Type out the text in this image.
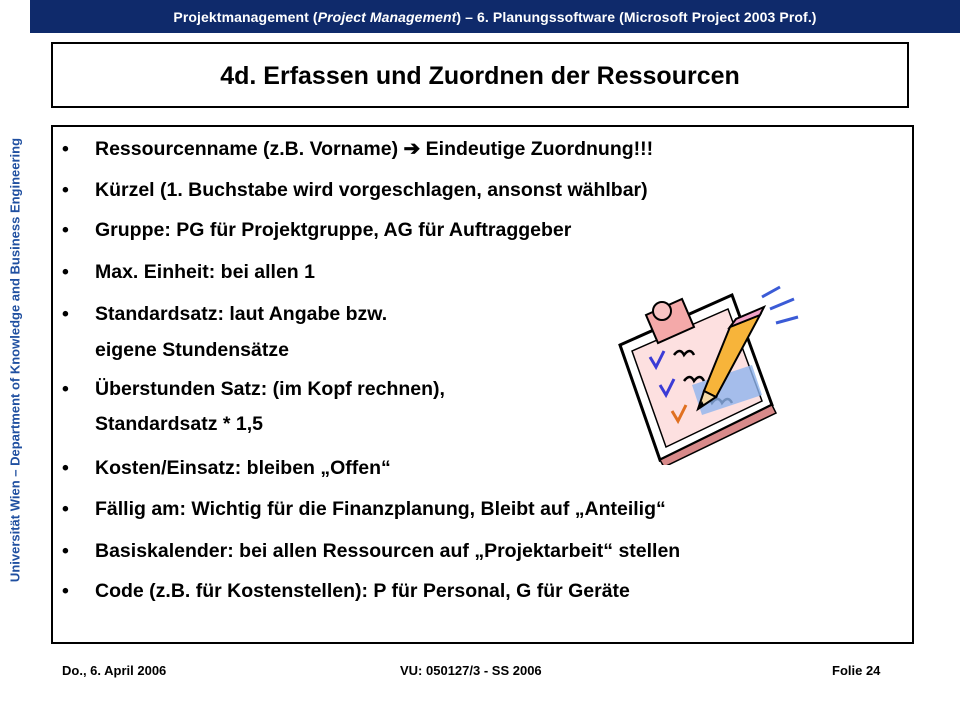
Universität Wien – Department of Knowledge and Business Engineering
Projektmanagement (Project Management) – 6. Planungssoftware (Microsoft Project 2003 Prof.)
4d. Erfassen und Zuordnen der Ressourcen
• Ressourcenname (z.B. Vorname) ➔ Eindeutige Zuordnung!!!
• Kürzel (1. Buchstabe wird vorgeschlagen, ansonst wählbar)
• Gruppe: PG für Projektgruppe, AG für Auftraggeber
• Max. Einheit: bei allen 1
• Standardsatz: laut Angabe bzw.
eigene Stundensätze
• Überstunden Satz: (im Kopf rechnen),
Standardsatz * 1,5
• Kosten/Einsatz: bleiben „Offen“
• Fällig am: Wichtig für die Finanzplanung, Bleibt auf „Anteilig“
• Basiskalender: bei allen Ressourcen auf „Projektarbeit“ stellen
• Code (z.B. für Kostenstellen): P für Personal, G für Geräte
Do., 6. April 2006	VU: 050127/3 - SS 2006	Folie 24
